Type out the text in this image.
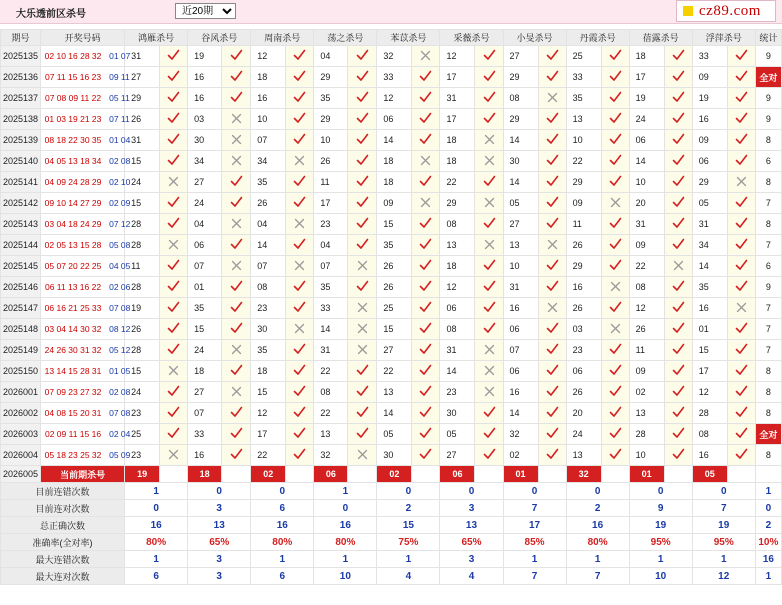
大乐透前区杀号
近20期	cz89.com
期号	开奖号码	鸿雁杀号		谷风杀号		周南杀号		荡之杀号		苯苡杀号		采薇杀号		小旻杀号		丹霞杀号		蓓露杀号		浮萍杀号		统计
2025135	02 10 16 28 32 01 07	31		19		12		04		32		12		27		25		18		33		9
2025136	07 11 15 16 23 09 11	27		16		18		29		33		17		29		33		17		09		全对
2025137	07 08 09 11 22 05 11	29		16		16		35		12		31		08		35		19		19		9
2025138	01 03 19 21 23 07 11	26		03		10		29		06		17		29		13		24		16		9
2025139	08 18 22 30 35 01 04	31		30		07		10		14		18		14		10		06		09		8
2025140	04 05 13 18 34 02 08	15		34		34		26		18		18		30		22		14		06		6
2025141	04 09 24 28 29 02 10	24		27		35		11		18		22		14		29		10		29		8
2025142	09 10 14 27 29 02 09	15		24		26		17		09		29		05		09		20		05		7
2025143	03 04 18 24 29 07 12	28		04		04		23		15		08		27		11		31		31		8
2025144	02 05 13 15 28 05 08	28		06		14		04		35		13		13		26		09		34		7
2025145	05 07 20 22 25 04 05	11		07		07		07		26		18		10		29		22		14		6
2025146	06 11 13 16 22 02 06	28		01		08		35		26		12		31		16		08		35		9
2025147	06 16 21 25 33 07 08	19		35		23		33		25		06		16		26		12		16		7
2025148	03 04 14 30 32 08 12	26		15		30		14		15		08		06		03		26		01		7
2025149	24 26 30 31 32 05 12	28		24		35		31		27		31		07		23		11		15		7
2025150	13 14 15 28 31 01 05	15		18		18		22		22		14		06		06		09		17		8
2026001	07 09 23 27 32 02 08	24		27		15		08		13		23		16		26		02		12		8
2026002	04 08 15 20 31 07 08	23		07		12		22		14		30		14		20		13		28		8
2026003	02 09 11 15 16 02 04	25		33		17		13		05		05		32		24		28		08		全对
2026004	05 18 23 25 32 05 09	23		16		22		32		30		27		02		13		10		16		8
2026005	当前期杀号	19		18		02		06		02		06		01		32		01		05		
目前连错次数		1		0		0		1		0		0		0		0		0		0		1
目前连对次数		0		3		6		0		2		3		7		2		9		7		0
总正确次数		16		13		16		16		15		13		17		16		19		19		2
准确率(全对率)		80%		65%		80%		80%		75%		65%		85%		80%		95%		95%		10%
最大连错次数		1		3		1		1		1		3		1		1		1		1		16
最大连对次数		6		3		6		10		4		4		7		7		10		12		1
